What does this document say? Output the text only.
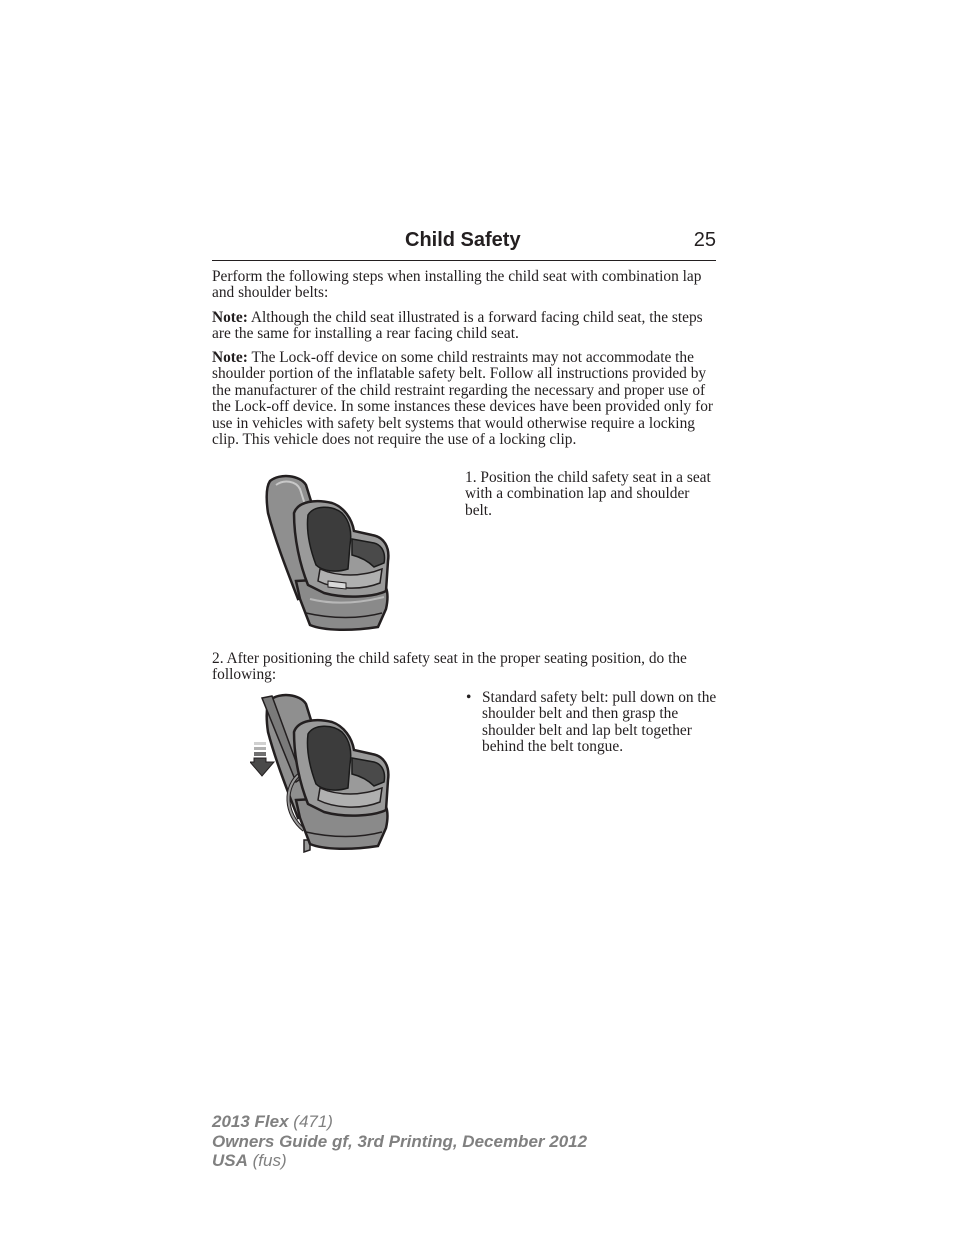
Child Safety	25

Perform the following steps when installing the child seat with combination lap and shoulder belts:

Note: Although the child seat illustrated is a forward facing child seat, the steps are the same for installing a rear facing child seat.

Note: The Lock-off device on some child restraints may not accommodate the shoulder portion of the inflatable safety belt. Follow all instructions provided by the manufacturer of the child restraint regarding the necessary and proper use of the Lock-off device. In some instances these devices have been provided only for use in vehicles with safety belt systems that would otherwise require a locking clip. This vehicle does not require the use of a locking clip.

1. Position the child safety seat in a seat with a combination lap and shoulder belt.

2. After positioning the child safety seat in the proper seating position, do the following:

• Standard safety belt: pull down on the shoulder belt and then grasp the shoulder belt and lap belt together behind the belt tongue.
2013 Flex (471)
Owners Guide gf, 3rd Printing, December 2012
USA (fus)
